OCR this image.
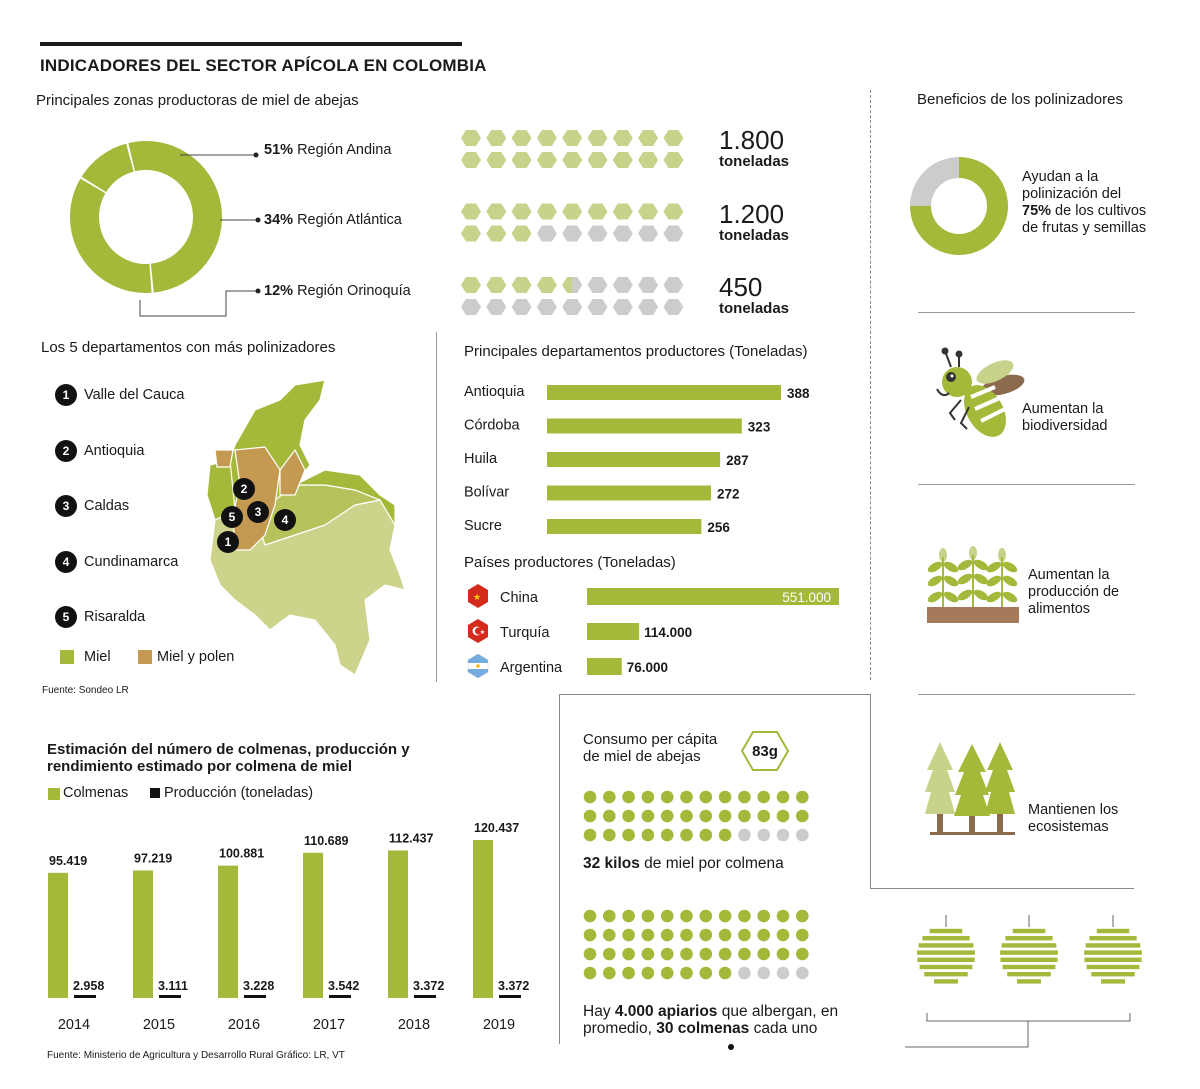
INDICADORES DEL SECTOR APÍCOLA EN COLOMBIA
Principales zonas productoras de miel de abejas
51% Región Andina
34% Región Atlántica
12% Región Orinoquía
1.800
toneladas
1.200
toneladas
450
toneladas
Los 5 departamentos con más polinizadores
1	Valle del Cauca
2	Antioquia
3	Caldas
4	Cundinamarca
5	Risaralda
2
3
5	4
1
Miel	Miel y polen
Fuente: Sondeo LR
Principales departamentos productores (Toneladas)
Antioquia	388
Córdoba	323
Huila	287
Bolívar	272
Sucre	256
Países productores (Toneladas)
★
★
China	551.000
Turquía	114.000
Argentina	76.000
Estimación del número de colmenas, producción y rendimiento estimado por colmena de miel
Colmenas Producción (toneladas)
95.419
2.958
2014
97.219
3.111
2015
100.881
3.228
2016
110.689
3.542
2017
112.437
3.372
2018
120.437
3.372
2019
Fuente: Ministerio de Agricultura y Desarrollo Rural Gráfico: LR, VT
Consumo per cápita de miel de abejas	83g
32 kilos de miel por colmena
Hay 4.000 apiarios que albergan, en promedio, 30 colmenas cada uno
Beneficios de los polinizadores
Ayudan a la polinización del 75% de los cultivos de frutas y semillas
Aumentan la biodiversidad
Aumentan la producción de alimentos
Mantienen los ecosistemas
